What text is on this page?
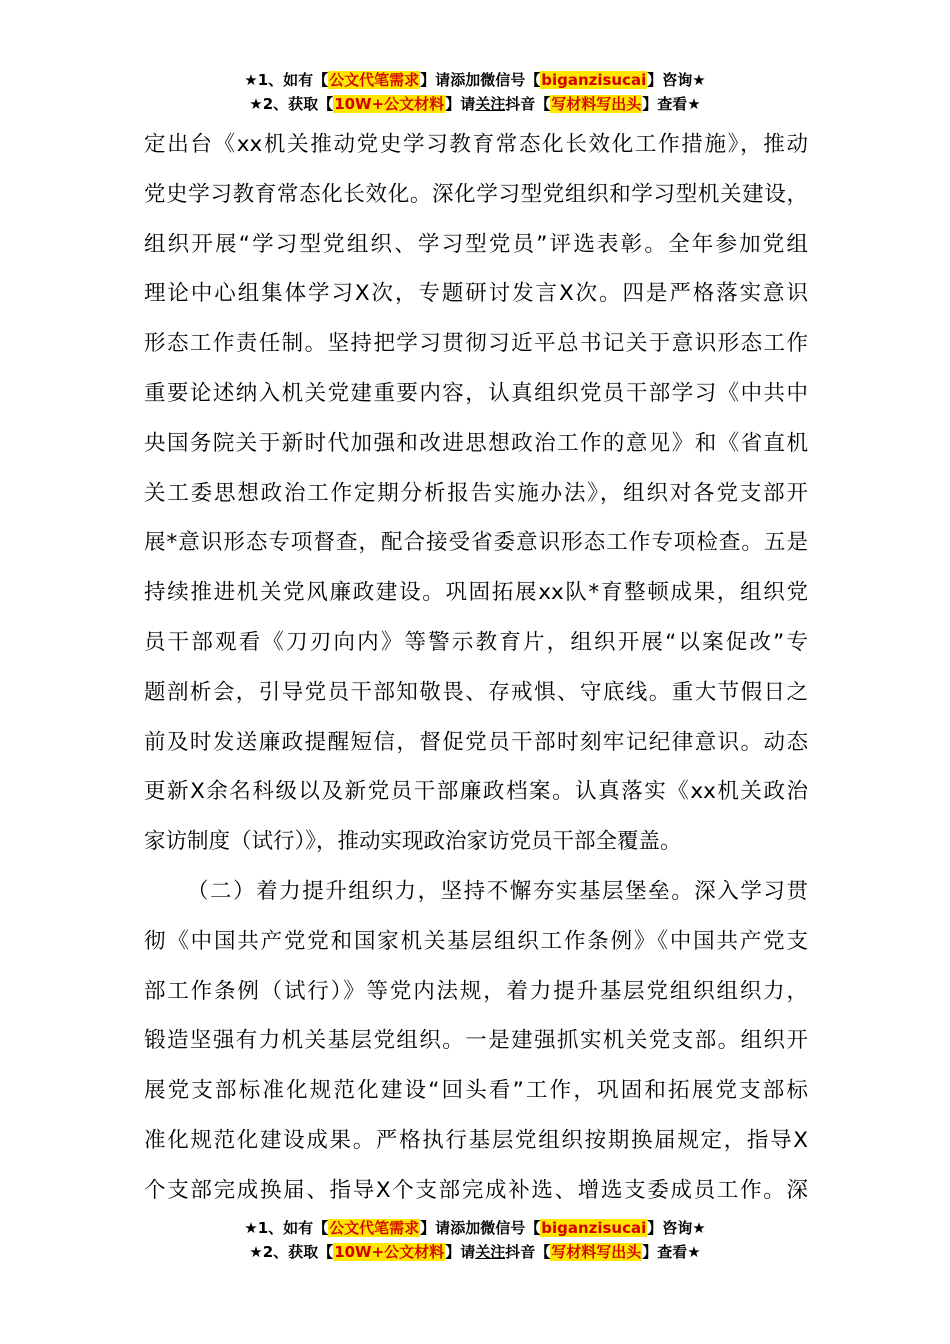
★1、如有【公文代笔需求】请添加微信号【biganzisucai】咨询★
★2、获取【10W+公文材料】请关注抖音【写材料写出头】查看★
定出台《xx机关推动党史学习教育常态化长效化工作措施》，推动
党史学习教育常态化长效化。深化学习型党组织和学习型机关建设，
组织开展“学习型党组织、学习型党员”评选表彰。全年参加党组
理论中心组集体学习X次，专题研讨发言X次。四是严格落实意识
形态工作责任制。坚持把学习贯彻习近平总书记关于意识形态工作
重要论述纳入机关党建重要内容，认真组织党员干部学习《中共中
央国务院关于新时代加强和改进思想政治工作的意见》和《省直机
关工委思想政治工作定期分析报告实施办法》，组织对各党支部开
展*意识形态专项督查，配合接受省委意识形态工作专项检查。五是
持续推进机关党风廉政建设。巩固拓展xx队*育整顿成果，组织党
员干部观看《刀刃向内》等警示教育片，组织开展“以案促改”专
题剖析会，引导党员干部知敬畏、存戒惧、守底线。重大节假日之
前及时发送廉政提醒短信，督促党员干部时刻牢记纪律意识。动态
更新X余名科级以及新党员干部廉政档案。认真落实《xx机关政治
家访制度（试行）》，推动实现政治家访党员干部全覆盖。
（二）着力提升组织力，坚持不懈夯实基层堡垒。深入学习贯
彻《中国共产党党和国家机关基层组织工作条例》《中国共产党支
部工作条例（试行）》等党内法规，着力提升基层党组织组织力，
锻造坚强有力机关基层党组织。一是建强抓实机关党支部。组织开
展党支部标准化规范化建设“回头看”工作，巩固和拓展党支部标
准化规范化建设成果。严格执行基层党组织按期换届规定，指导X
个支部完成换届、指导X个支部完成补选、增选支委成员工作。深
★1、如有【公文代笔需求】请添加微信号【biganzisucai】咨询★
★2、获取【10W+公文材料】请关注抖音【写材料写出头】查看★
